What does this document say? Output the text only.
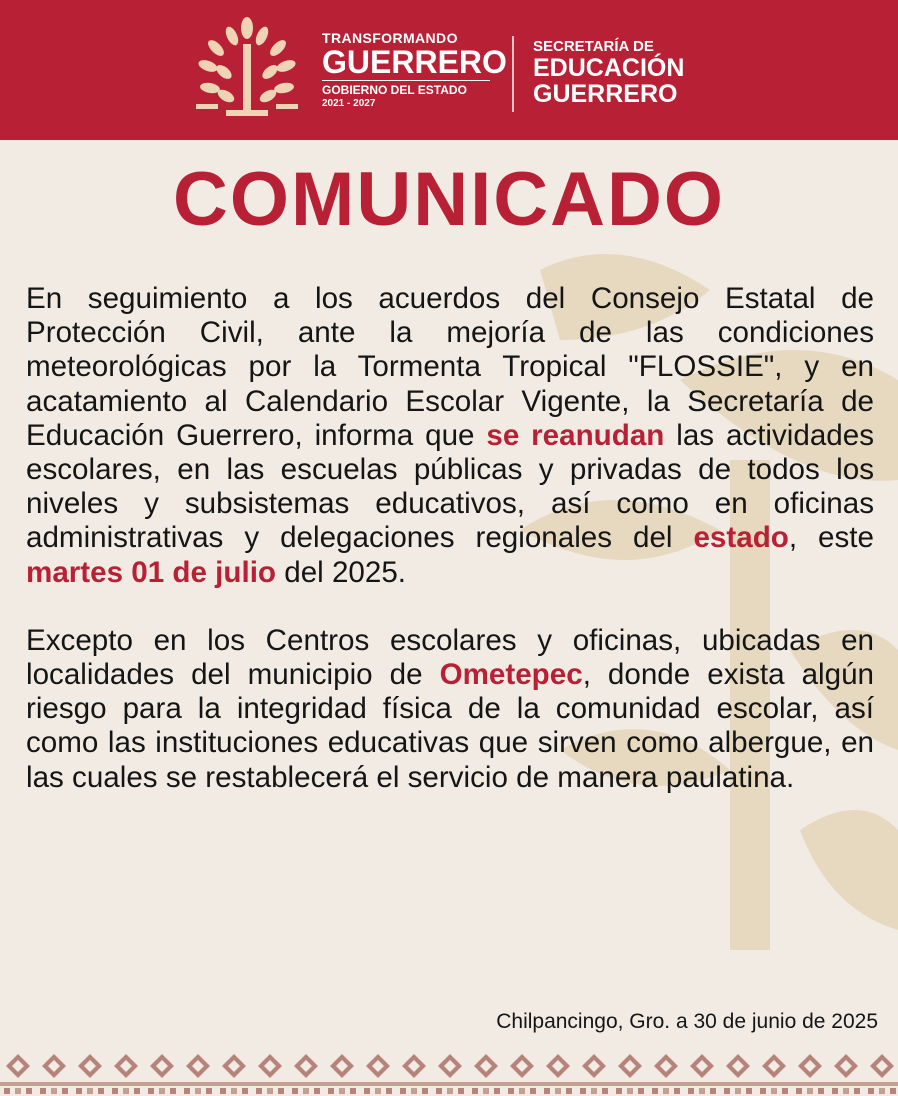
TRANSFORMANDO
GUERRERO
GOBIERNO DEL ESTADO
2021 - 2027
SECRETARÍA DE
EDUCACIÓN
GUERRERO
COMUNICADO

En seguimiento a los acuerdos del Consejo Estatal de Protección Civil, ante la mejoría de las condiciones meteorológicas por la Tormenta Tropical "FLOSSIE", y en acatamiento al Calendario Escolar Vigente, la Secretaría de Educación Guerrero, informa que se reanudan las actividades escolares, en las escuelas públicas y privadas de todos los niveles y subsistemas educativos, así como en oficinas administrativas y delegaciones regionales del estado, este martes 01 de julio del 2025.

Excepto en los Centros escolares y oficinas, ubicadas en localidades del municipio de Ometepec, donde exista algún riesgo para la integridad física de la comunidad escolar, así como las instituciones educativas que sirven como albergue, en las cuales se restablecerá el servicio de manera paulatina.

Chilpancingo, Gro. a 30 de junio de 2025
